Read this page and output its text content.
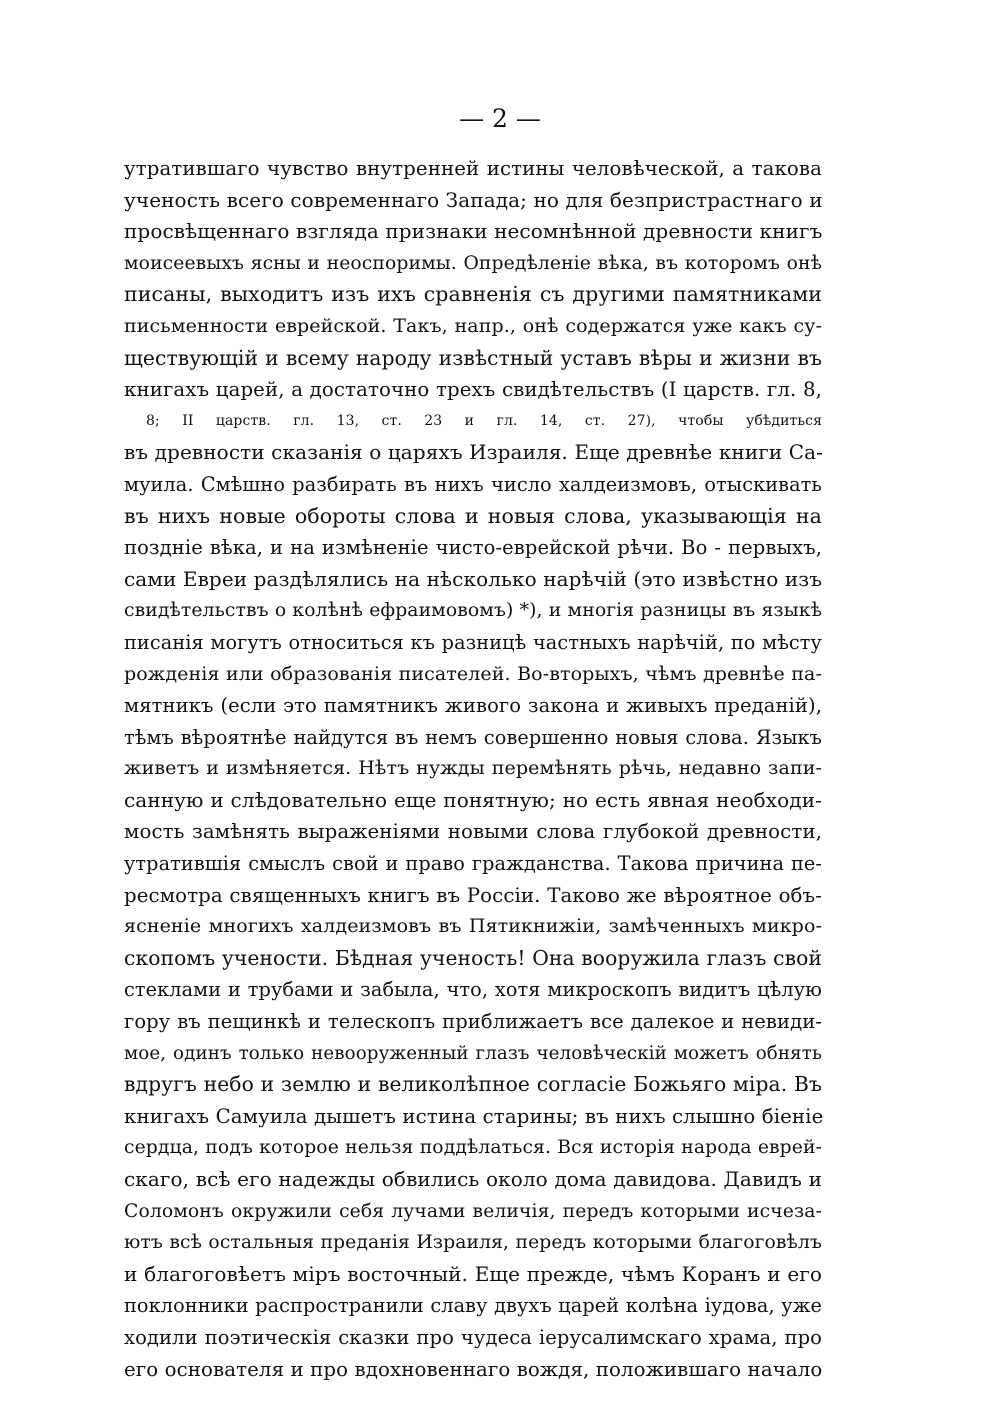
— 2 —
утратившаго чувство внутренней истины человѣческой, а такова
ученость всего современнаго Запада; но для безпристрастнаго и
просвѣщеннаго взгляда признаки несомнѣнной древности книгъ
моисеевыхъ ясны и неоспоримы. Опредѣленіе вѣка, въ которомъ онѣ
писаны, выходитъ изъ ихъ сравненія съ другими памятниками
письменности еврейской. Такъ, напр., онѣ содержатся уже какъ су-
ществующій и всему народу извѣстный уставъ вѣры и жизни въ
книгахъ царей, а достаточно трехъ свидѣтельствъ (I царств. гл. 8,
8; II царств. гл. 13, ст. 23 и гл. 14, ст. 27), чтобы убѣдиться
въ древности сказанія о царяхъ Израиля. Еще древнѣе книги Са-
муила. Смѣшно разбирать въ нихъ число халдеизмовъ, отыскивать
въ нихъ новые обороты слова и новыя слова, указывающія на
поздніе вѣка, и на измѣненіе чисто-еврейской рѣчи. Во - первыхъ,
сами Евреи раздѣлялись на нѣсколько нарѣчій (это извѣстно изъ
свидѣтельствъ о колѣнѣ ефраимовомъ) *), и многія разницы въ языкѣ
писанія могутъ относиться къ разницѣ частныхъ нарѣчій, по мѣсту
рожденія или образованія писателей. Во-вторыхъ, чѣмъ древнѣе па-
мятникъ (если это памятникъ живого закона и живыхъ преданій),
тѣмъ вѣроятнѣе найдутся въ немъ совершенно новыя слова. Языкъ
живетъ и измѣняется. Нѣтъ нужды перемѣнять рѣчь, недавно запи-
санную и слѣдовательно еще понятную; но есть явная необходи-
мость замѣнять выраженіями новыми слова глубокой древности,
утратившія смыслъ свой и право гражданства. Такова причина пе-
ресмотра священныхъ книгъ въ Россіи. Таково же вѣроятное объ-
ясненіе многихъ халдеизмовъ въ Пятикнижіи, замѣченныхъ микро-
скопомъ учености. Бѣдная ученость! Она вооружила глазъ свой
стеклами и трубами и забыла, что, хотя микроскопъ видитъ цѣлую
гору въ пещинкѣ и телескопъ приближаетъ все далекое и невиди-
мое, одинъ только невооруженный глазъ человѣческій можетъ обнять
вдругъ небо и землю и великолѣпное согласіе Божьяго міра. Въ
книгахъ Самуила дышетъ истина старины; въ нихъ слышно біеніе
сердца, подъ которое нельзя поддѣлаться. Вся исторія народа еврей-
скаго, всѣ его надежды обвились около дома давидова. Давидъ и
Соломонъ окружили себя лучами величія, передъ которыми исчеза-
ютъ всѣ остальныя преданія Израиля, передъ которыми благоговѣлъ
и благоговѣетъ міръ восточный. Еще прежде, чѣмъ Коранъ и его
поклонники распространили славу двухъ царей колѣна іудова, уже
ходили поэтическія сказки про чудеса іерусалимскаго храма, про
его основателя и про вдохновеннаго вождя, положившаго начало
